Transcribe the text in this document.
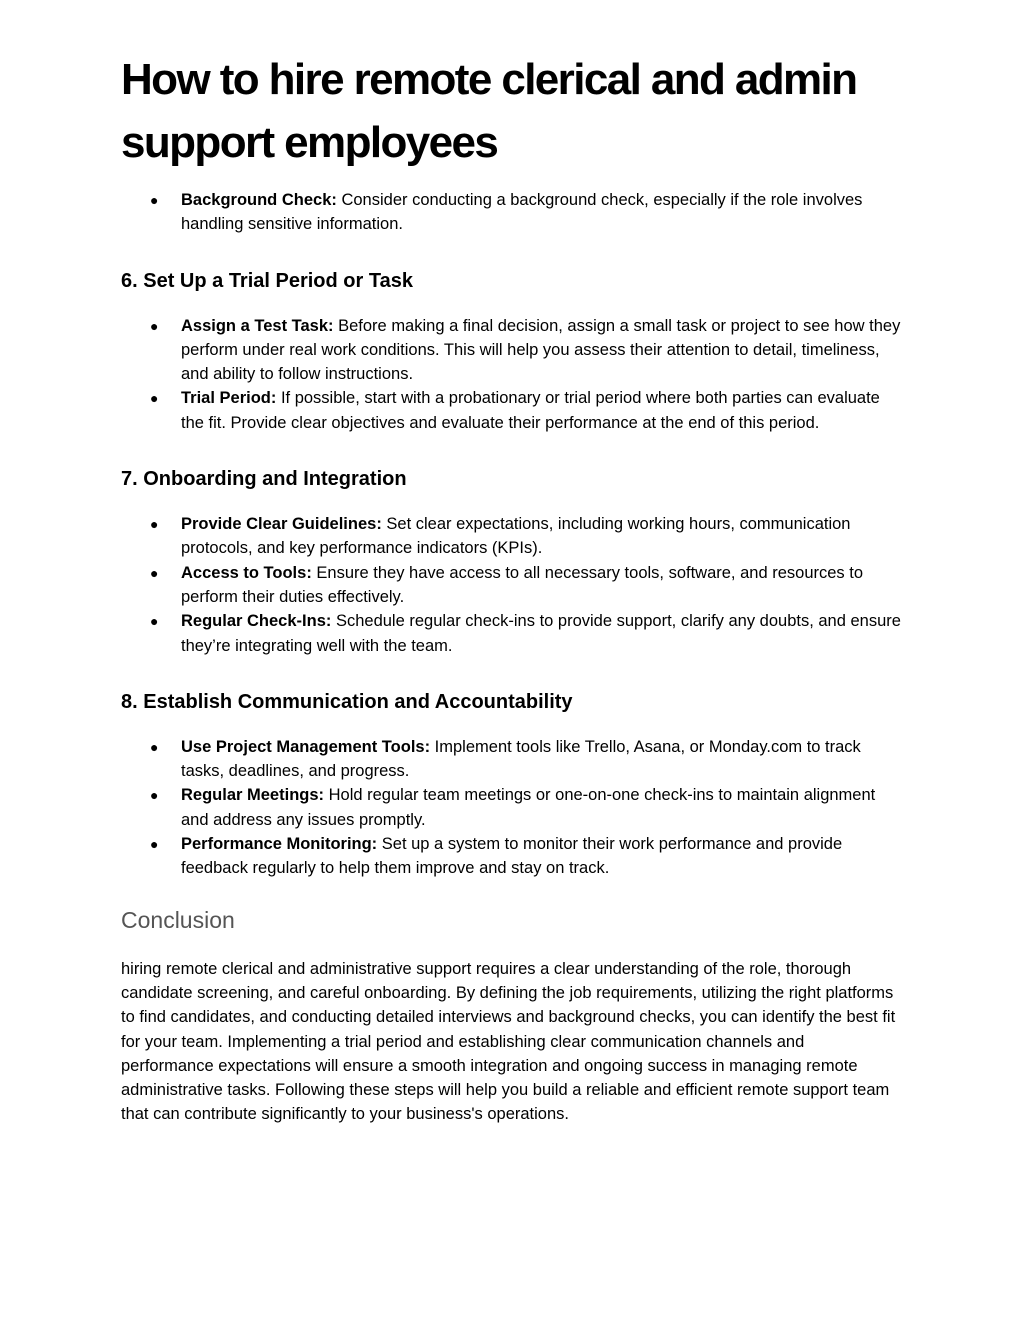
How to hire remote clerical and admin support employees
● Background Check: Consider conducting a background check, especially if the role involves handling sensitive information.
6. Set Up a Trial Period or Task
● Assign a Test Task: Before making a final decision, assign a small task or project to see how they perform under real work conditions. This will help you assess their attention to detail, timeliness, and ability to follow instructions.
● Trial Period: If possible, start with a probationary or trial period where both parties can evaluate the fit. Provide clear objectives and evaluate their performance at the end of this period.
7. Onboarding and Integration
● Provide Clear Guidelines: Set clear expectations, including working hours, communication protocols, and key performance indicators (KPIs).
● Access to Tools: Ensure they have access to all necessary tools, software, and resources to perform their duties effectively.
● Regular Check-Ins: Schedule regular check-ins to provide support, clarify any doubts, and ensure they’re integrating well with the team.
8. Establish Communication and Accountability
● Use Project Management Tools: Implement tools like Trello, Asana, or Monday.com to track tasks, deadlines, and progress.
● Regular Meetings: Hold regular team meetings or one-on-one check-ins to maintain alignment and address any issues promptly.
● Performance Monitoring: Set up a system to monitor their work performance and provide feedback regularly to help them improve and stay on track.
Conclusion

hiring remote clerical and administrative support requires a clear understanding of the role, thorough candidate screening, and careful onboarding. By defining the job requirements, utilizing the right platforms to find candidates, and conducting detailed interviews and background checks, you can identify the best fit for your team. Implementing a trial period and establishing clear communication channels and performance expectations will ensure a smooth integration and ongoing success in managing remote administrative tasks. Following these steps will help you build a reliable and efficient remote support team that can contribute significantly to your business's operations.
